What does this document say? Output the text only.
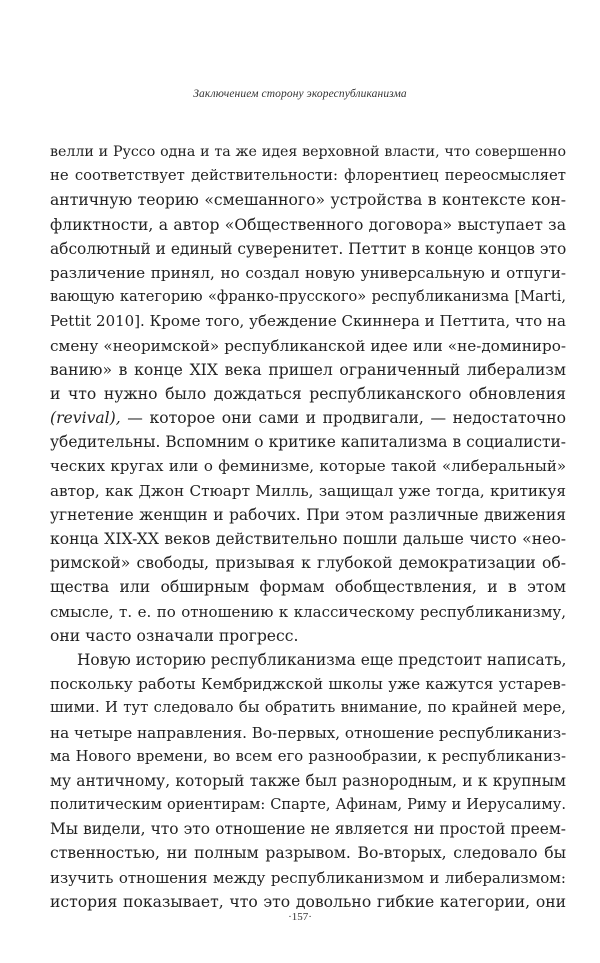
Заключением сторону экореспубликанизма
велли и Руссо одна и та же идея верховной власти, что совершенно
не соответствует действительности: флорентиец переосмысляет
античную теорию «смешанного» устройства в контексте кон-
фликтности, а автор «Общественного договора» выступает за
абсолютный и единый суверенитет. Петтит в конце концов это
различение принял, но создал новую универсальную и отпуги-
вающую категорию «франко-прусского» республиканизма [Marti,
Pettit 2010]. Кроме того, убеждение Скиннера и Петтита, что на
смену «неоримской» республиканской идее или «не-доминиро-
ванию» в конце XIX века пришел ограниченный либерализм
и что нужно было дождаться республиканского обновления
(revival), — которое они сами и продвигали, — недостаточно
убедительны. Вспомним о критике капитализма в социалисти-
ческих кругах или о феминизме, которые такой «либеральный»
автор, как Джон Стюарт Милль, защищал уже тогда, критикуя
угнетение женщин и рабочих. При этом различные движения
конца XIX-XX веков действительно пошли дальше чисто «нео-
римской» свободы, призывая к глубокой демократизации об-
щества или обширным формам обобществления, и в этом
смысле, т. е. по отношению к классическому республиканизму,
они часто означали прогресс.
Новую историю республиканизма еще предстоит написать,
поскольку работы Кембриджской школы уже кажутся устарев-
шими. И тут следовало бы обратить внимание, по крайней мере,
на четыре направления. Во-первых, отношение республиканиз-
ма Нового времени, во всем его разнообразии, к республиканиз-
му античному, который также был разнородным, и к крупным
политическим ориентирам: Спарте, Афинам, Риму и Иерусалиму.
Мы видели, что это отношение не является ни простой преем-
ственностью, ни полным разрывом. Во-вторых, следовало бы
изучить отношения между республиканизмом и либерализмом:
история показывает, что это довольно гибкие категории, они
·157·
